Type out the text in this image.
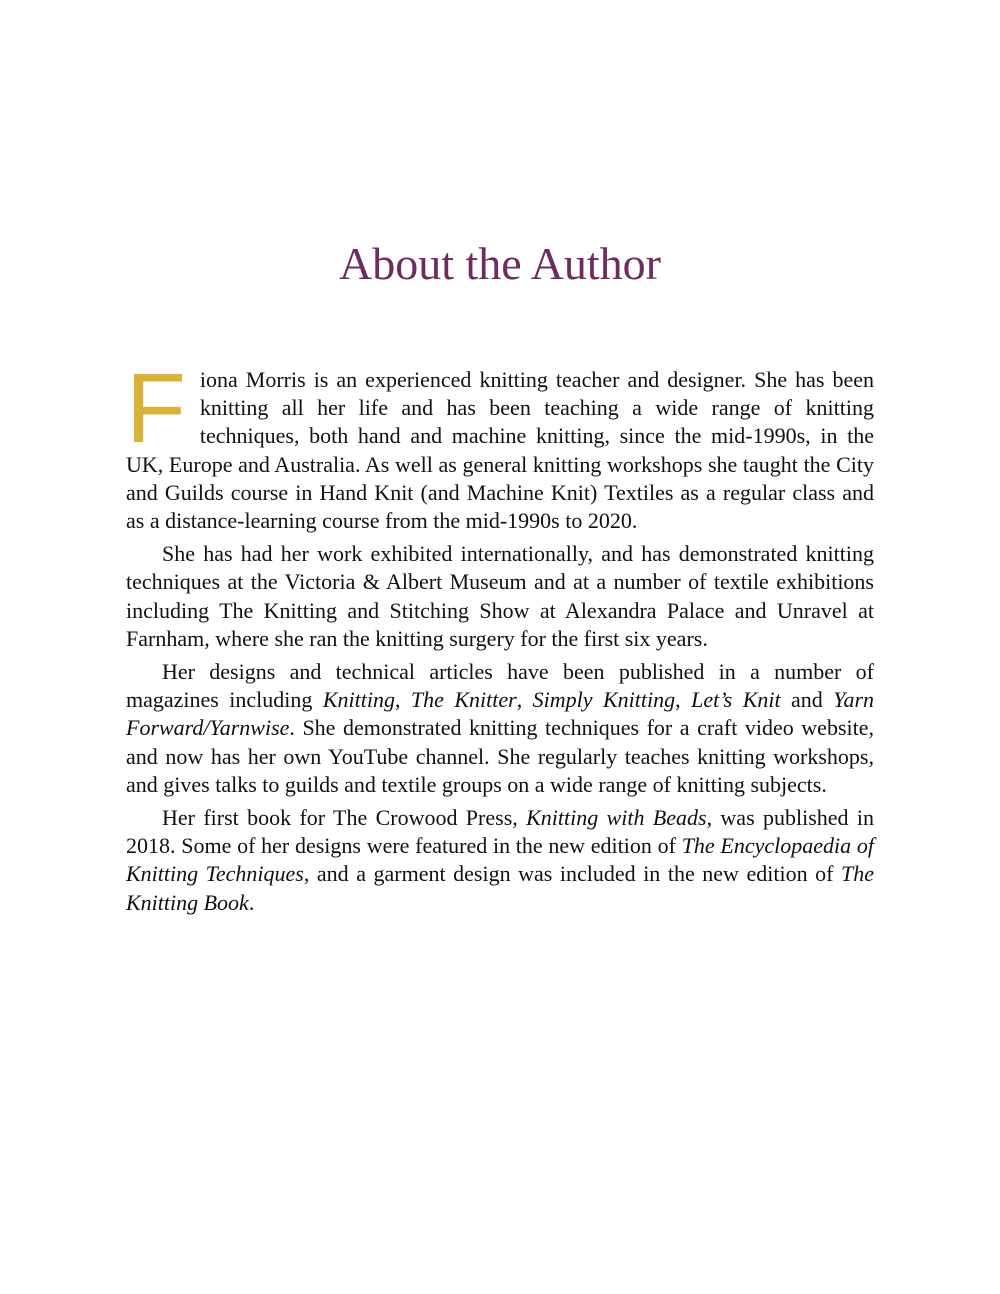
About the Author

Fiona Morris is an experienced knitting teacher and designer. She has been knitting all her life and has been teaching a wide range of knitting techniques, both hand and machine knitting, since the mid-1990s, in the UK, Europe and Australia. As well as general knitting workshops she taught the City and Guilds course in Hand Knit (and Machine Knit) Textiles as a regular class and as a distance-learning course from the mid-1990s to 2020.

She has had her work exhibited internationally, and has demonstrated knitting techniques at the Victoria & Albert Museum and at a number of textile exhibitions including The Knitting and Stitching Show at Alexandra Palace and Unravel at Farnham, where she ran the knitting surgery for the first six years.

Her designs and technical articles have been published in a number of magazines including Knitting, The Knitter, Simply Knitting, Let’s Knit and Yarn Forward/Yarnwise. She demonstrated knitting techniques for a craft video website, and now has her own YouTube channel. She regularly teaches knitting workshops, and gives talks to guilds and textile groups on a wide range of knitting subjects.

Her first book for The Crowood Press, Knitting with Beads, was published in 2018. Some of her designs were featured in the new edition of The Encyclopaedia of Knitting Techniques, and a garment design was included in the new edition of The Knitting Book.
